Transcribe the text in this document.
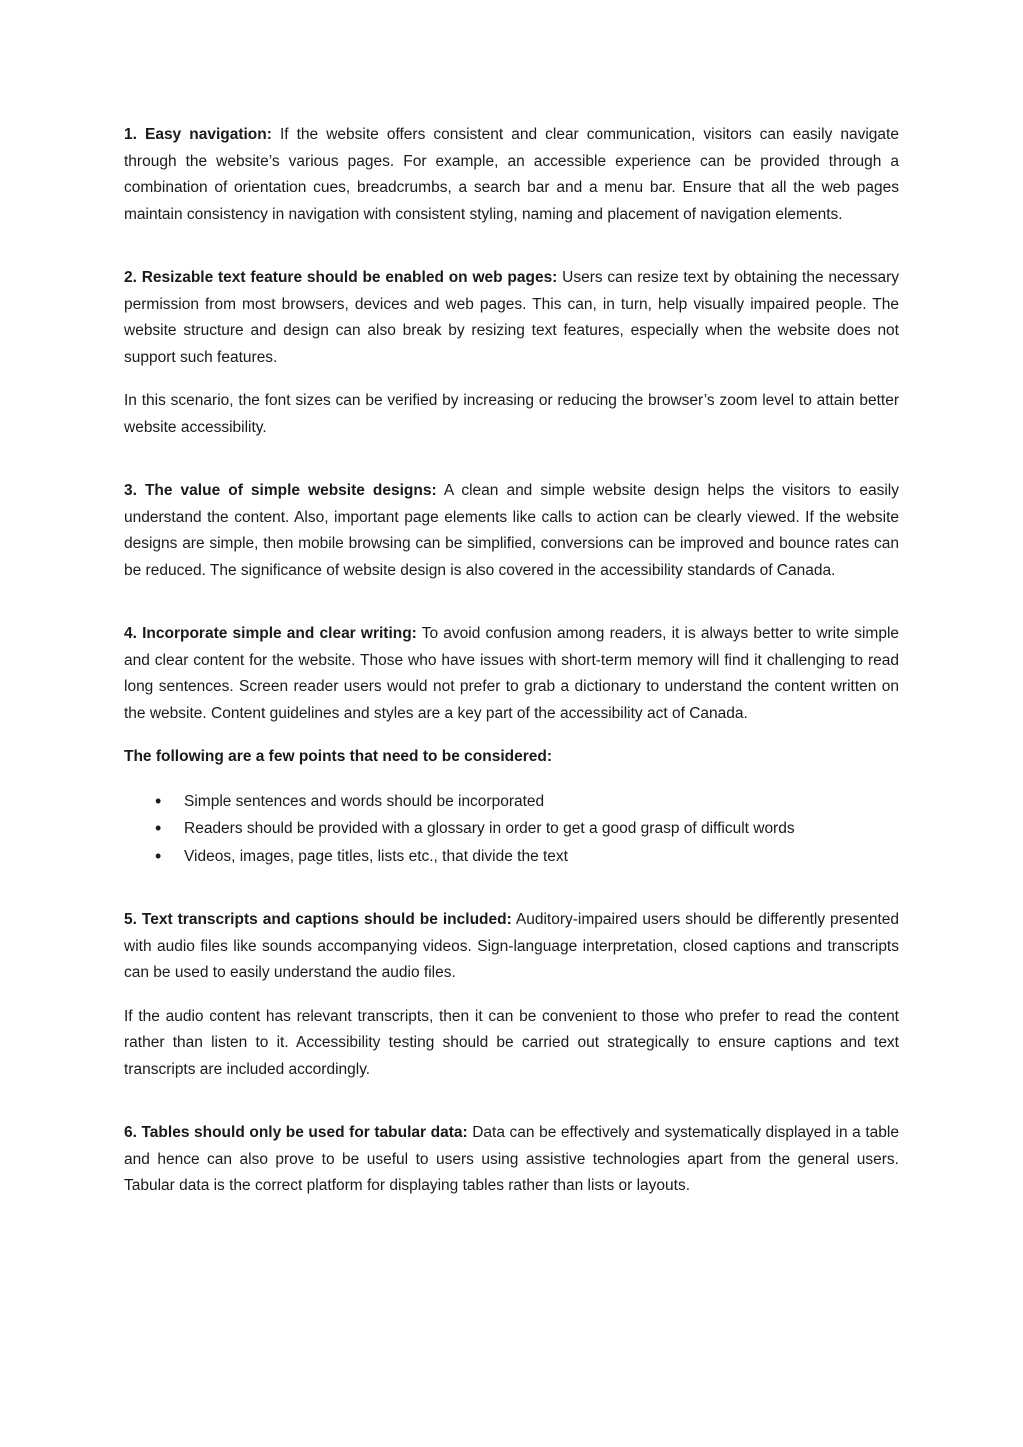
1. Easy navigation: If the website offers consistent and clear communication, visitors can easily navigate through the website’s various pages. For example, an accessible experience can be provided through a combination of orientation cues, breadcrumbs, a search bar and a menu bar. Ensure that all the web pages maintain consistency in navigation with consistent styling, naming and placement of navigation elements.

2. Resizable text feature should be enabled on web pages: Users can resize text by obtaining the necessary permission from most browsers, devices and web pages. This can, in turn, help visually impaired people. The website structure and design can also break by resizing text features, especially when the website does not support such features.

In this scenario, the font sizes can be verified by increasing or reducing the browser’s zoom level to attain better website accessibility.

3. The value of simple website designs: A clean and simple website design helps the visitors to easily understand the content. Also, important page elements like calls to action can be clearly viewed. If the website designs are simple, then mobile browsing can be simplified, conversions can be improved and bounce rates can be reduced. The significance of website design is also covered in the accessibility standards of Canada.

4. Incorporate simple and clear writing: To avoid confusion among readers, it is always better to write simple and clear content for the website. Those who have issues with short-term memory will find it challenging to read long sentences. Screen reader users would not prefer to grab a dictionary to understand the content written on the website. Content guidelines and styles are a key part of the accessibility act of Canada.

The following are a few points that need to be considered:

• Simple sentences and words should be incorporated
• Readers should be provided with a glossary in order to get a good grasp of difficult words
• Videos, images, page titles, lists etc., that divide the text

5. Text transcripts and captions should be included: Auditory-impaired users should be differently presented with audio files like sounds accompanying videos. Sign-language interpretation, closed captions and transcripts can be used to easily understand the audio files.

If the audio content has relevant transcripts, then it can be convenient to those who prefer to read the content rather than listen to it. Accessibility testing should be carried out strategically to ensure captions and text transcripts are included accordingly.

6. Tables should only be used for tabular data: Data can be effectively and systematically displayed in a table and hence can also prove to be useful to users using assistive technologies apart from the general users. Tabular data is the correct platform for displaying tables rather than lists or layouts.
